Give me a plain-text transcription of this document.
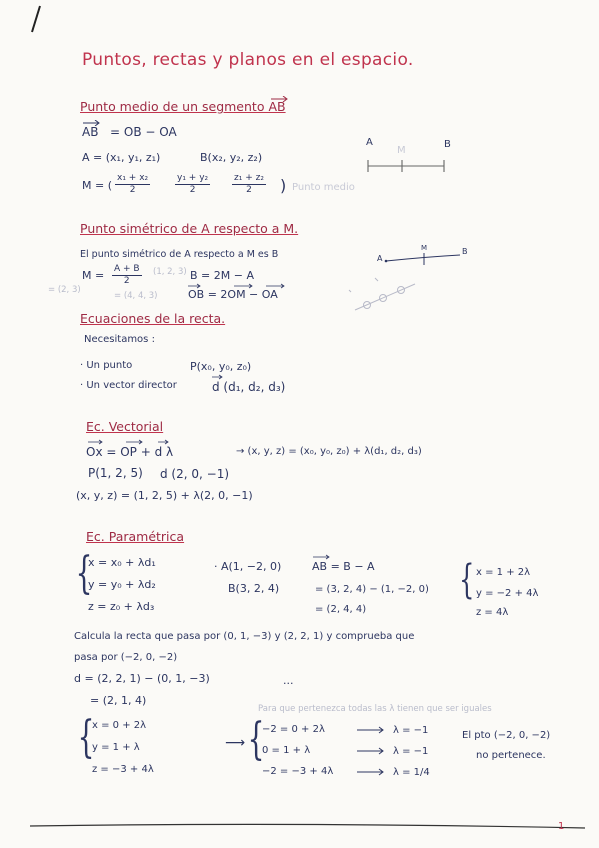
Puntos, rectas y planos en el espacio.
Punto medio de un segmento AB
AB = OB − OA
A = (x₁, y₁, z₁)	B(x₂, y₂, z₂)
M = ( $\frac{\text{x₁ + x₂}}{2}$	$\frac{\text{y₁ + y₂}}{2} \frac{\text{z₁ + z₂}}{2}$ ) Punto medio
A
M
B
Punto simétrico de A respecto a M.
El punto simétrico de A respecto a M es B	A
M	B
$M = \frac{A + B}{2} (1$, 2, 3)
= (2, 3)
= (4, 4, 3)
B = 2M − A
OB = 2OM − OA
Ecuaciones de la recta.
Necesitamos :
· Un punto	P(x₀, y₀, z₀)
· Un vector director	d (d₁, d₂, d₃)
Ec. Vectorial
Ox = OP + d λ	→ (x, y, z) = (x₀, y₀, z₀) + λ(d₁, d₂, d₃)
P(1, 2, 5) d (2, 0, −1)
(x, y, z) = (1, 2, 5) + λ(2, 0, −1)
Ec. Paramétrica
{
x = x₀ + λd₁
y = y₀ + λd₂
z = z₀ + λd₃
· A(1, −2, 0)	AB = B − A
B(3, 2, 4)	= (3, 2, 4) − (1, −2, 0)
= (2, 4, 4)
{ x = 1 + 2λ
y = −2 + 4λ
z = 4λ
Calcula la recta que pasa por (0, 1, −3) y (2, 2, 1) y comprueba que
pasa por (−2, 0, −2)
d = (2, 2, 1) − (0, 1, −3)
= (2, 1, 4)
...
Para que pertenezca todas las λ tienen que ser iguales
{
x = 0 + 2λ
y = 1 + λ
z = −3 + 4λ
⟶ {
−2 = 0 + 2λ
0 = 1 + λ
−2 = −3 + 4λ
λ = −1
λ = −1
λ = 1/4
El pto (−2, 0, −2)
no pertenece.
1
